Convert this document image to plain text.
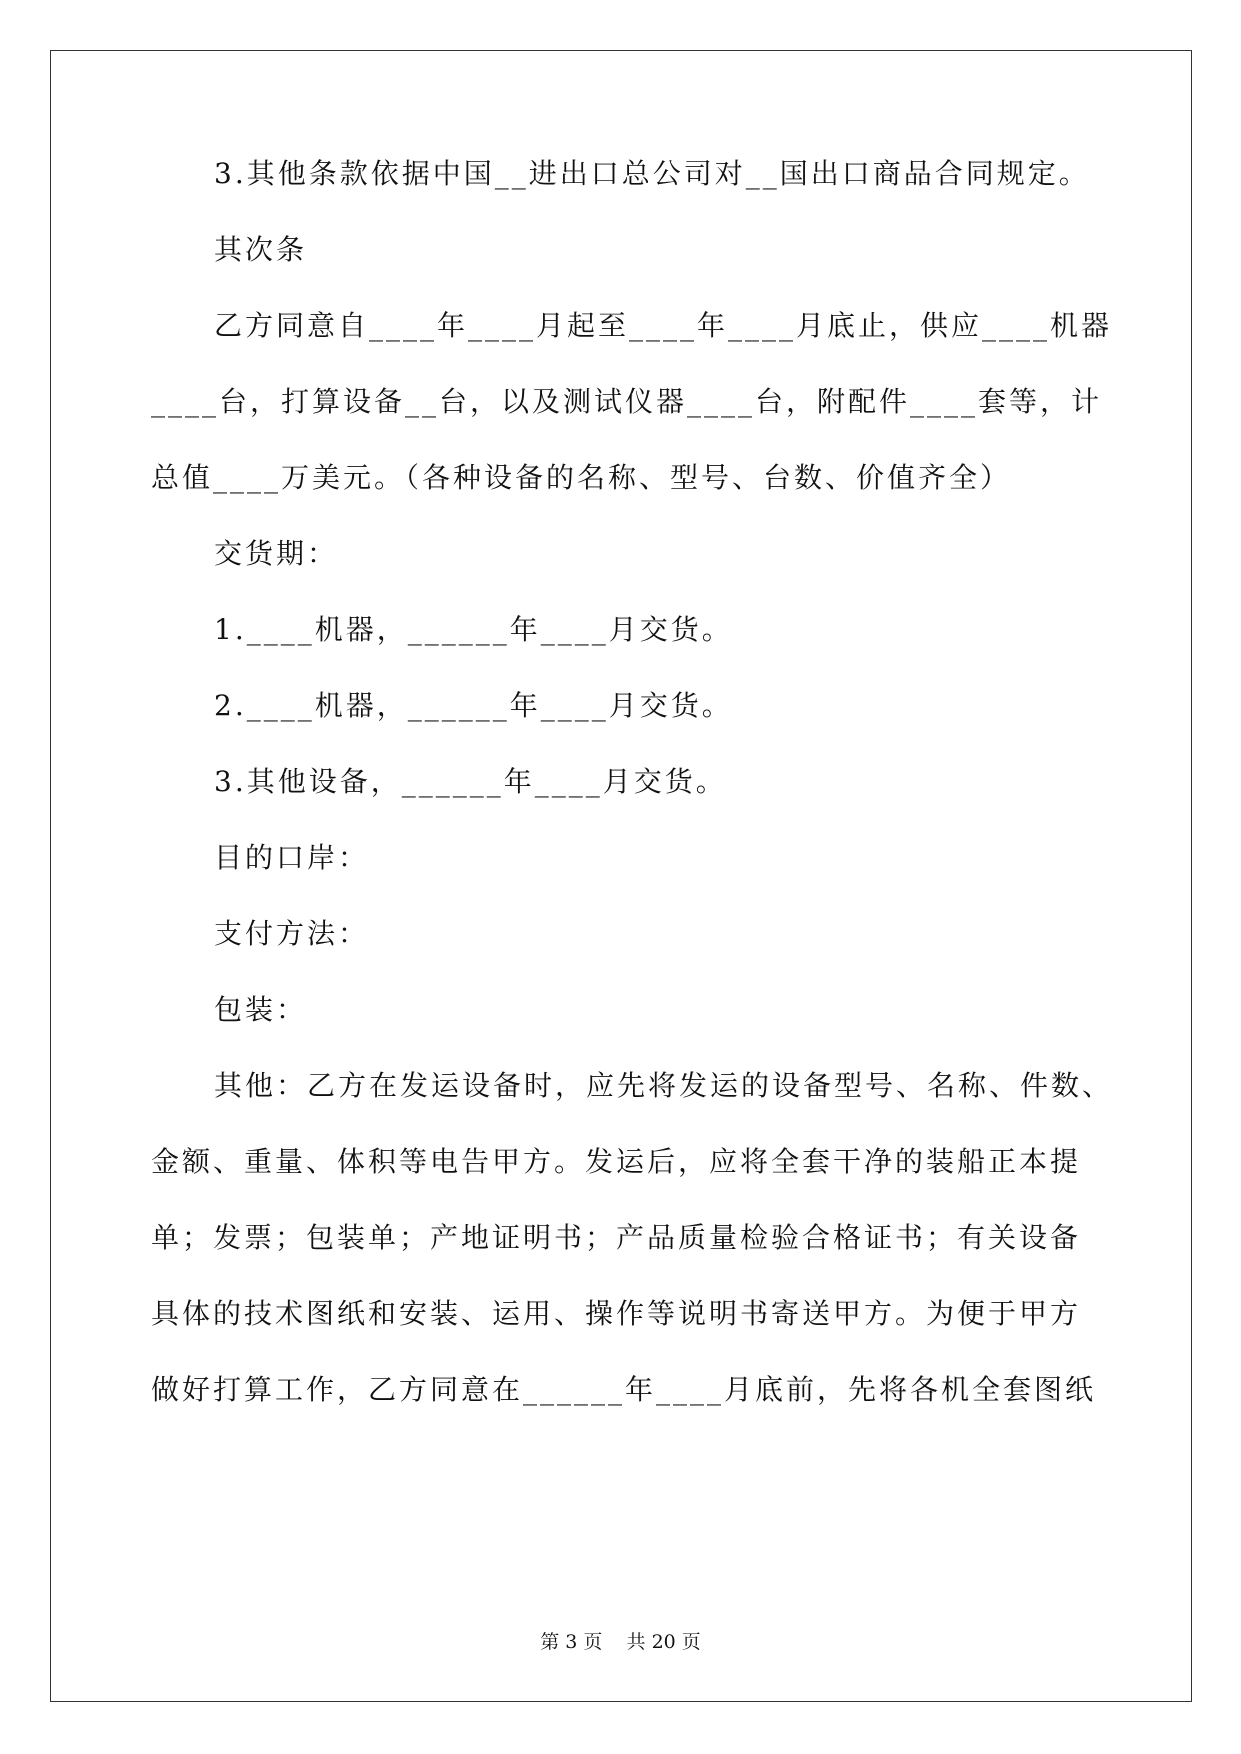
3.其他条款依据中国__进出口总公司对__国出口商品合同规定。
其次条
乙方同意自____年____月起至____年____月底止，供应____机器
____台，打算设备__台，以及测试仪器____台，附配件____套等，计
总值____万美元。（各种设备的名称、型号、台数、价值齐全）
交货期：
1.____机器，______年____月交货。
2.____机器，______年____月交货。
3.其他设备，______年____月交货。
目的口岸：
支付方法：
包装：
其他：乙方在发运设备时，应先将发运的设备型号、名称、件数、
金额、重量、体积等电告甲方。发运后，应将全套干净的装船正本提
单；发票；包装单；产地证明书；产品质量检验合格证书；有关设备
具体的技术图纸和安装、运用、操作等说明书寄送甲方。为便于甲方
做好打算工作，乙方同意在______年____月底前，先将各机全套图纸
第 3 页    共 20 页
